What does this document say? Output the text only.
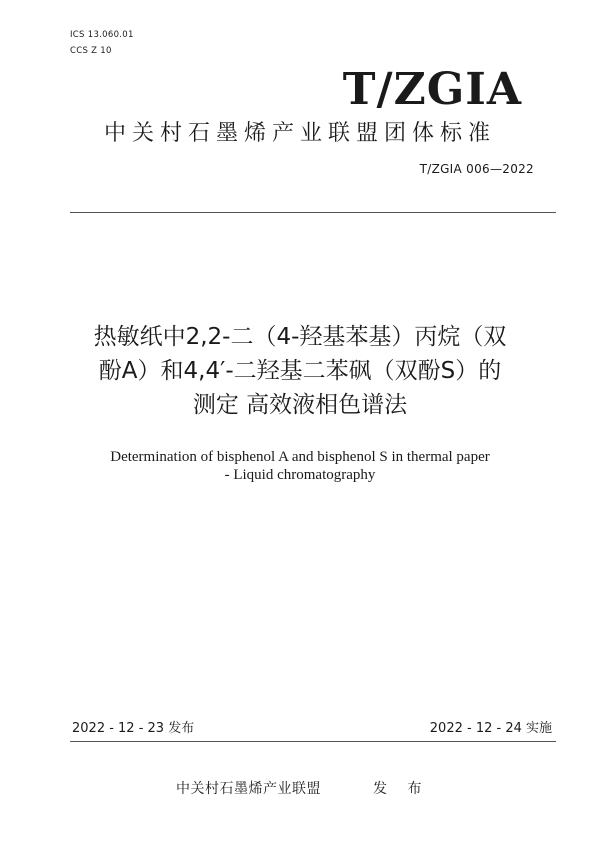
ICS 13.060.01
CCS Z 10
T/ZGIA
中关村石墨烯产业联盟团体标准
T/ZGIA 006—2022
热敏纸中2,2-二（4-羟基苯基）丙烷（双
酚A）和4,4′-二羟基二苯砜（双酚S）的
测定 高效液相色谱法
Determination of bisphenol A and bisphenol S in thermal paper
- Liquid chromatography
2022 - 12 - 23 发布	2022 - 12 - 24 实施
中关村石墨烯产业联盟	发 布
